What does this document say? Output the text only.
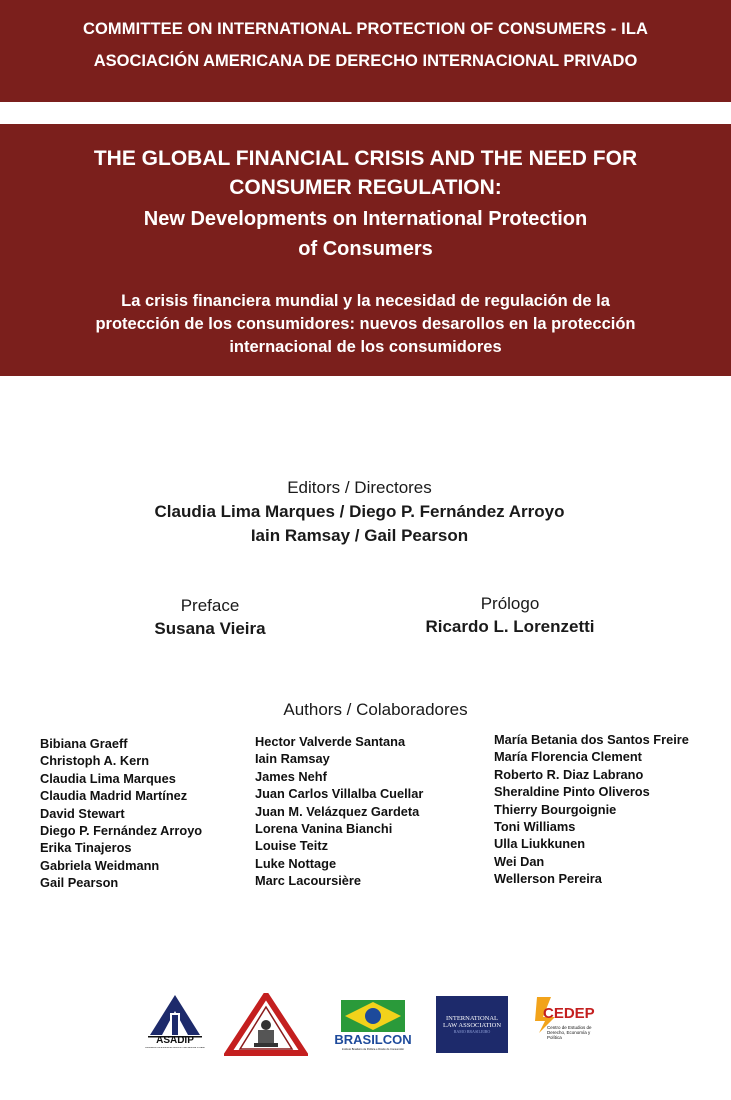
COMMITTEE ON INTERNATIONAL PROTECTION OF CONSUMERS - ILA
ASOCIACIÓN AMERICANA DE DERECHO INTERNACIONAL PRIVADO
THE GLOBAL FINANCIAL CRISIS AND THE NEED FOR
CONSUMER REGULATION:
New Developments on International Protection
of Consumers
La crisis financiera mundial y la necesidad de regulación de la
protección de los consumidores: nuevos desarollos en la protección
internacional de los consumidores
Editors / Directores
Claudia Lima Marques / Diego P. Fernández Arroyo
Iain Ramsay / Gail Pearson
Preface
Susana Vieira
Prólogo
Ricardo L. Lorenzetti
Authors / Colaboradores
Bibiana Graeff
Christoph A. Kern
Claudia Lima Marques
Claudia Madrid Martínez
David Stewart
Diego P. Fernández Arroyo
Erika Tinajeros
Gabriela Weidmann
Gail Pearson
Hector Valverde Santana
Iain Ramsay
James Nehf
Juan Carlos Villalba Cuellar
Juan M. Velázquez Gardeta
Lorena Vanina Bianchi
Louise Teitz
Luke Nottage
Marc Lacoursière
María Betania dos Santos Freire
María Florencia Clement
Roberto R. Diaz Labrano
Sheraldine Pinto Oliveros
Thierry Bourgoignie
Toni Williams
Ulla Liukkunen
Wei Dan
Wellerson Pereira
ASADIP
Asociación Americana de Derecho Internacional Privado
BRASILCON
Instituto Brasileiro de Política e Direito do Consumidor
INTERNATIONAL
LAW ASSOCIATION
RAMO BRASILEIRO
CEDEP
Centro de Estudios de Derecho, Economía y Política
